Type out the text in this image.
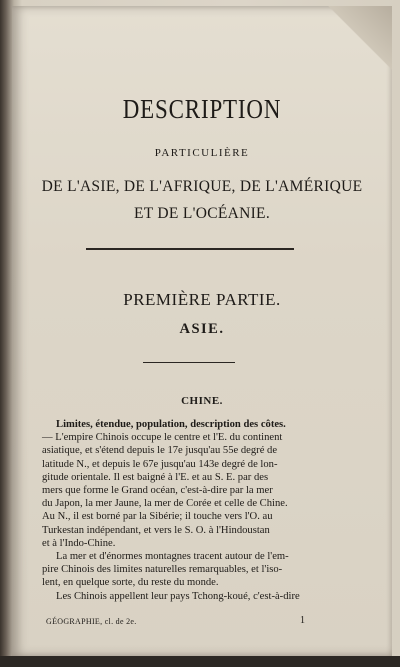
DESCRIPTION
PARTICULIÈRE
DE L'ASIE, DE L'AFRIQUE, DE L'AMÉRIQUE
ET DE L'OCÉANIE.
PREMIÈRE PARTIE.
ASIE.
CHINE.
Limites, étendue, population, description des côtes.

— L'empire Chinois occupe le centre et l'E. du continent
asiatique, et s'étend depuis le 17e jusqu'au 55e degré de
latitude N., et depuis le 67e jusqu'au 143e degré de lon-
gitude orientale. Il est baigné à l'E. et au S. E. par des
mers que forme le Grand océan, c'est-à-dire par la mer
du Japon, la mer Jaune, la mer de Corée et celle de Chine.
Au N., il est borné par la Sibérie; il touche vers l'O. au
Turkestan indépendant, et vers le S. O. à l'Hindoustan
et à l'Indo-Chine.

La mer et d'énormes montagnes tracent autour de l'em-
pire Chinois des limites naturelles remarquables, et l'iso-
lent, en quelque sorte, du reste du monde.

Les Chinois appellent leur pays Tchong-koué, c'est-à-dire

GÉOGRAPHIE, cl. de 2e.	1
